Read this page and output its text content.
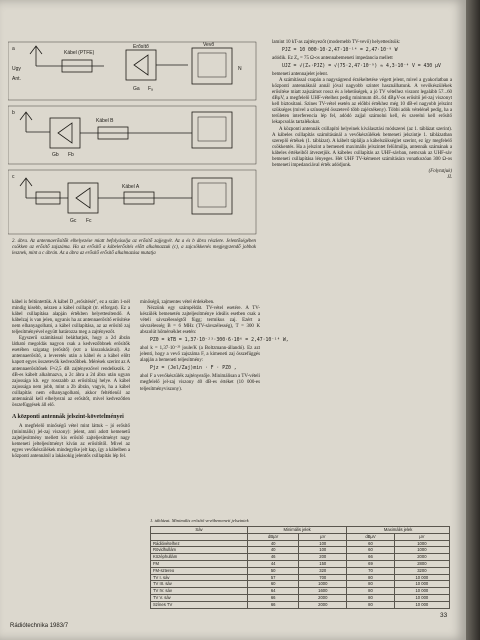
Ant.
Ugy
Kábel (PTFE)
Erősítő	Vevő
a
Ga Fₐ
b
Kábel B
Gb Fb
c
Kábel A
Gc Fc
N
2. ábra. Az antennaerősítők elhelyezése miatt befolyásolja az erősítő zajjegyét. Az a és b ábra részlete. Jelentőségében csökken az erősítő zajszáma. Ha az erősítő a kábelerősítés előtt alkalmazzuk (c), a zajcsökkenés megjegyzendő jobbak lesznek, mint a c ábrán. Az a ábra az erősítő erősítő alkalmazása mutatja

kábel is feltüntettük. A kábel D „erősítését", ez a szám 1-nél mindig kisebb, nézzen a kábel csillapít (tr. elforgat). Ez a kábel csillapítása alapján értékben helyettesítendő. A kábelzaj is van jelen, ugyanis ha az antennaerősítő erősítése nem elhanyagolható, a kábel csillapítása, az az erősítő zaj teljesítményével együtt határozza meg a zajtényezőt.

Egyszerű számítással beláthatjuk, hogy a 2d ábrán látható megoldás nagyon csak a kedvezőbbnek erősítők esetében szigatag (erősítő) (ezt a kisszokásával). Az antennaerősítő, a leveretés után a kábel és a kábel előtt kapott egyes összetevők kedvezőbbek. Mérések szerint az A antennaerősítőnek F≈2,5 dB zajtényezővel rendelkezik. 2 dB-es kábelt alkalmazva, a 2c ábra a 2d ábra után ugyan zajossága kb. egy rosszabb az erősítőzaj helye. A kábel zajossága nem jobb, mint a 2b ábrán, vagyis, ha a kábel csillapítás nem elhanyagolható, akkor feltétlenül az antennánál kell elhelyezni az erősítőt, mivel kedvezőtlen összefüggések áll elő.

A központi antennák jelszint-követelményei

A megfelelő minőségű vétel mint láttuk – jó erősítő (minimális) jel-zaj viszony): jelent, ami adott kemenetű zajteljesítmény mellett kis erősítő zajteljesítményt nagy kemeneti jelteljesítményt kíván az erősítőtől. Mivel az egyes vevőkészülékek mindegyike jelt kap, így a kábelben a központi antennától a lakásokig jelentős csillapítás lép fel.

minőségű, zajmentes vétel érdekében.

Nézzünk egy számpéldát. TV-vétel esetére. A TV-készülék bemenetén zajteljesítménye ideális esetben csak a vételi sávszélességtől függ; termikus zaj. Ezért a sávszélesség B = 6 MHz (TV-sávszélesség), T = 300 K abszolút hőmérséklet esetén:

PZ0 = kTB = 1,37·10⁻²³·300·6·10⁶ = 2,47·10⁻¹⁴ W,

ahol k = 1,37·10⁻²³ joule/K (a Boltzmann-állandó). Ez azt jelenti, hogy a vevő zajszáma F, a kimeneti zaj összefüggés alapján a bemeneti teljesítmény:

Pjz = (Jel/Zaj)min · F · PZ0 ,

ahol F a vevőkészülék zajtényezője. Minimálisan a TV-vételi megfelelő jel-zaj viszony 40 dB-es értéket (10 000-es teljesítményviszony).

lamint 10 kT-as zajtényezőt (modernebb TV-vevő) helyettesítsük:

PJZ = 10 000·10·2,47·10⁻¹⁴ = 2,47·10⁻⁹ W

adódik. Ez Z₀ = 75 Ω-os antennabemeneti impedancia mellett

UJZ = √(Z₀·PJZ) = √(75·2,47·10⁻⁹) ≈ 4,3·10⁻⁴ V = 430 μV

bemeneti antennajelet jelent.

A számítással csupán a nagyságrend érzékeltetése végett jelent, mivel a gyakorlatban a központi antennáknál annál jóval nagyobb szintet használhatunk. A vevőkészülékek erősítése miatt zajszámot rossz és a lehetőségek, a jó TV vételhez viszont legalább 57...60 dBµV, a megfelelő UHF-vételhez pedig minimum 48...64 dBµV-os erősítő jel-zaj viszonyt kell biztosítani. Szines TV-vétel esetén az előbbi értékhez még 10 dB-el nagyobb jelszint szükséges (mivel a színsegéd összetevő több zajérzékeny). Többi adók vételénél pedig, ha a területen interferencia lép fel, adódó zajjal számolni kell, és szerelni kell erősítő lekapcsolás tartalékokat.

A központi antennák csillapító helyeinek kiválasztási módszerei (az 1. táblázat szerint). A kábeles csillapítás számításánál a vevőkészülékek bemeneti jelszintje 1. táblázatban szereplő értékek (1. táblázat). A kábelt táplálja a kábelszükséglet szerint, ez így megfelelő csökkentés. Ha a jelszint a bemeneti maximális jelszintet felülmúlja, antennák számának a kábeles értékeiből átvezetjük. A kábeles csillapítás az UHF-sávban, nemcsak az UHF-sáv bemeneti csillapítása lényeges. Hét UHF TV-kémenet számítására vonatkozóan 300 Ω-os bemeneti impedanciával érték adódjunk.

(Folytatjuk)

JL

1. táblázat. Minimális erősítő vevőbemeneti jelszintek
Sáv	Minimális jelek		Maximális jelek	
	dBµV	µV	dBµV	µV
Rádióvételhez	40	100	60	1000
Rövidhullám	40	100	60	1000
Középhullám	46	200	66	2000
FM	44	150	69	2800
FM-sztereo	50	320	70	3200
TV I. sáv	57	700	80	10 000
TV III. sáv	60	1000	80	10 000
TV IV. sáv	64	1600	80	10 000
TV V. sáv	66	2000	80	10 000
Színes TV	66	2000	80	10 000
Rádiótechnika 1983/7
33
